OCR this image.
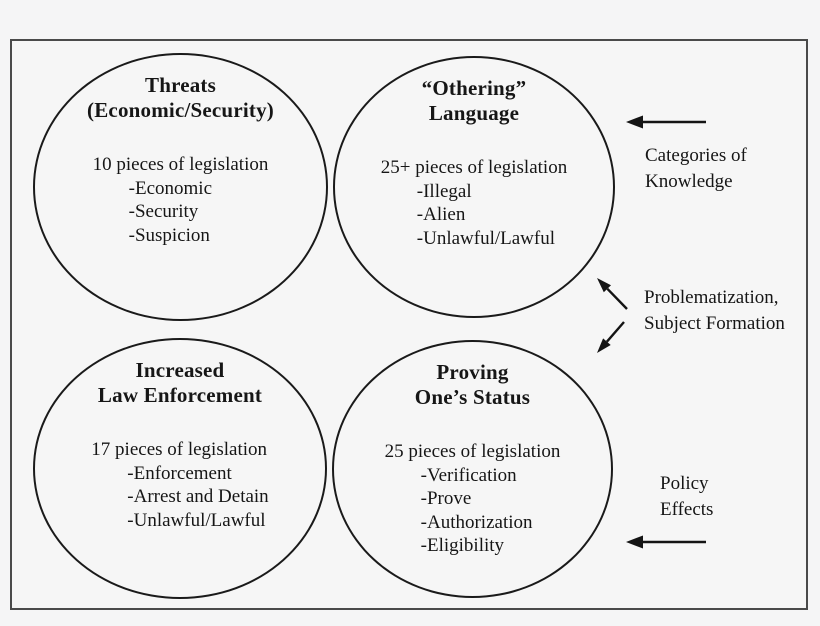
Threats
(Economic/Security)
10 pieces of legislation
-Economic
-Security
-Suspicion
“Othering”
Language
25+ pieces of legislation
-Illegal
-Alien
-Unlawful/Lawful
Increased
Law Enforcement
17 pieces of legislation
-Enforcement
-Arrest and Detain
-Unlawful/Lawful
Proving
One’s Status
25 pieces of legislation
-Verification
-Prove
-Authorization
-Eligibility
Categories of
Knowledge
Problematization,
Subject Formation
Policy
Effects
